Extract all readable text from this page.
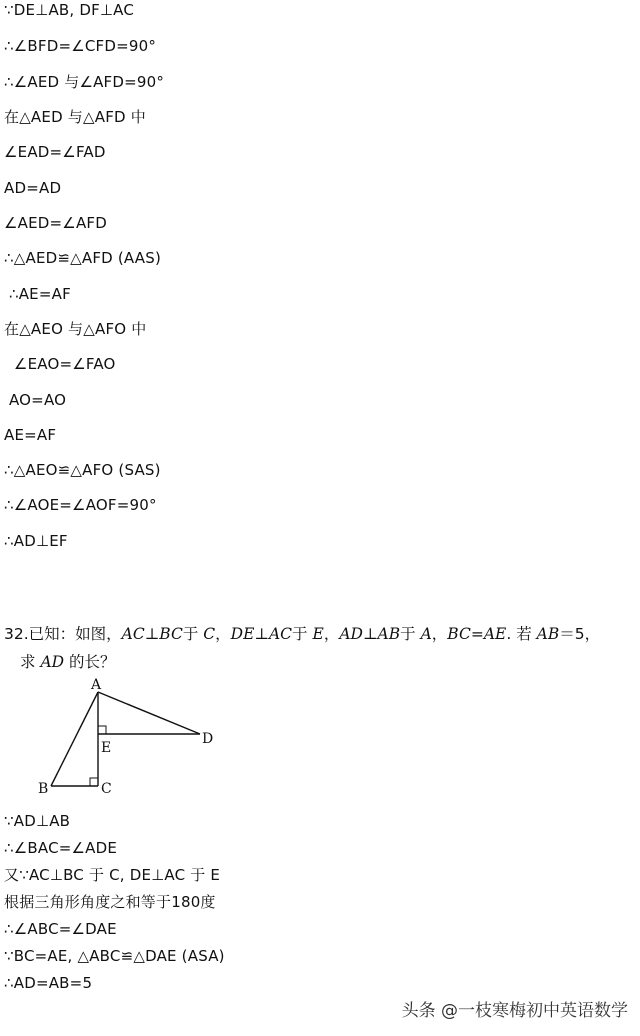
∵DE⊥AB, DF⊥AC

∴∠BFD=∠CFD=90°

∴∠AED 与∠AFD=90°

在△AED 与△AFD 中

∠EAD=∠FAD

AD=AD

∠AED=∠AFD

∴△AED≌△AFD (AAS)

∴AE=AF

在△AEO 与△AFO 中

∠EAO=∠FAO

AO=AO

AE=AF

∴△AEO≌△AFO (SAS)

∴∠AOE=∠AOF=90°

∴AD⊥EF

32.已知：如图，AC⊥BC于 C，DE⊥AC于 E，AD⊥AB于 A，BC=AE. 若 AB＝5，
求 AD 的长？
A
B	C
D
E

∵AD⊥AB

∴∠BAC=∠ADE

又∵AC⊥BC 于 C, DE⊥AC 于 E

根据三角形角度之和等于180度

∴∠ABC=∠DAE

∵BC=AE, △ABC≌△DAE (ASA)

∴AD=AB=5

头条 @一枝寒梅初中英语数学
